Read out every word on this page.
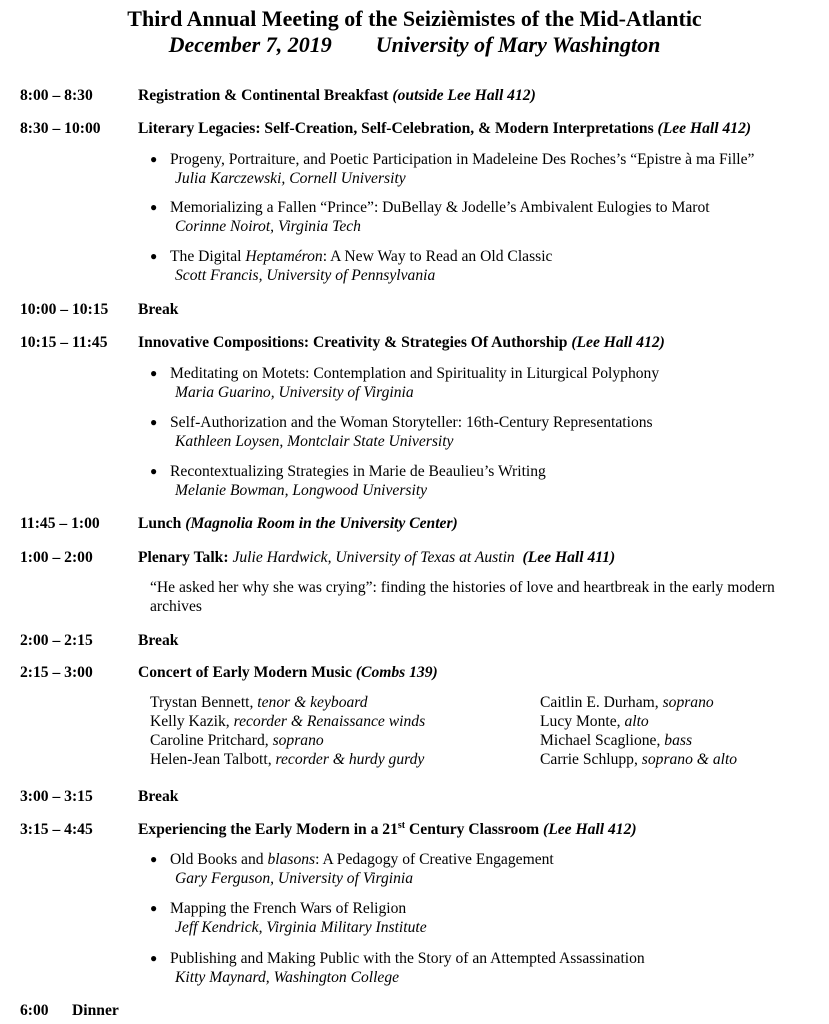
Third Annual Meeting of the Seizièmistes of the Mid-Atlantic
December 7, 2019 University of Mary Washington
8:00 – 8:30	Registration & Continental Breakfast (outside Lee Hall 412)
8:30 – 10:00 Literary Legacies: Self-Creation, Self-Celebration, & Modern Interpretations (Lee Hall 412)
● Progeny, Portraiture, and Poetic Participation in Madeleine Des Roches’s “Epistre à ma Fille”
Julia Karczewski, Cornell University
● Memorializing a Fallen “Prince”: DuBellay & Jodelle’s Ambivalent Eulogies to Marot
Corinne Noirot, Virginia Tech
● The Digital Heptaméron: A New Way to Read an Old Classic
Scott Francis, University of Pennsylvania
10:00 – 10:15 Break
10:15 – 11:45 Innovative Compositions: Creativity & Strategies Of Authorship (Lee Hall 412)
● Meditating on Motets: Contemplation and Spirituality in Liturgical Polyphony
Maria Guarino, University of Virginia
● Self-Authorization and the Woman Storyteller: 16th-Century Representations
Kathleen Loysen, Montclair State University
● Recontextualizing Strategies in Marie de Beaulieu’s Writing
Melanie Bowman, Longwood University
11:45 – 1:00 Lunch (Magnolia Room in the University Center)
1:00 – 2:00	Plenary Talk: Julie Hardwick, University of Texas at Austin (Lee Hall 411)
“He asked her why she was crying”: finding the histories of love and heartbreak in the early modern archives
2:00 – 2:15	Break
2:15 – 3:00	Concert of Early Modern Music (Combs 139)
Trystan Bennett, tenor & keyboard
Kelly Kazik, recorder & Renaissance winds
Caroline Pritchard, soprano
Helen-Jean Talbott, recorder & hurdy gurdy
Caitlin E. Durham, soprano
Lucy Monte, alto
Michael Scaglione, bass
Carrie Schlupp, soprano & alto
3:00 – 3:15	Break
3:15 – 4:45	Experiencing the Early Modern in a 21st Century Classroom (Lee Hall 412)
● Old Books and blasons: A Pedagogy of Creative Engagement
Gary Ferguson, University of Virginia
● Mapping the French Wars of Religion
Jeff Kendrick, Virginia Military Institute
● Publishing and Making Public with the Story of an Attempted Assassination
Kitty Maynard, Washington College
6:00 Dinner
